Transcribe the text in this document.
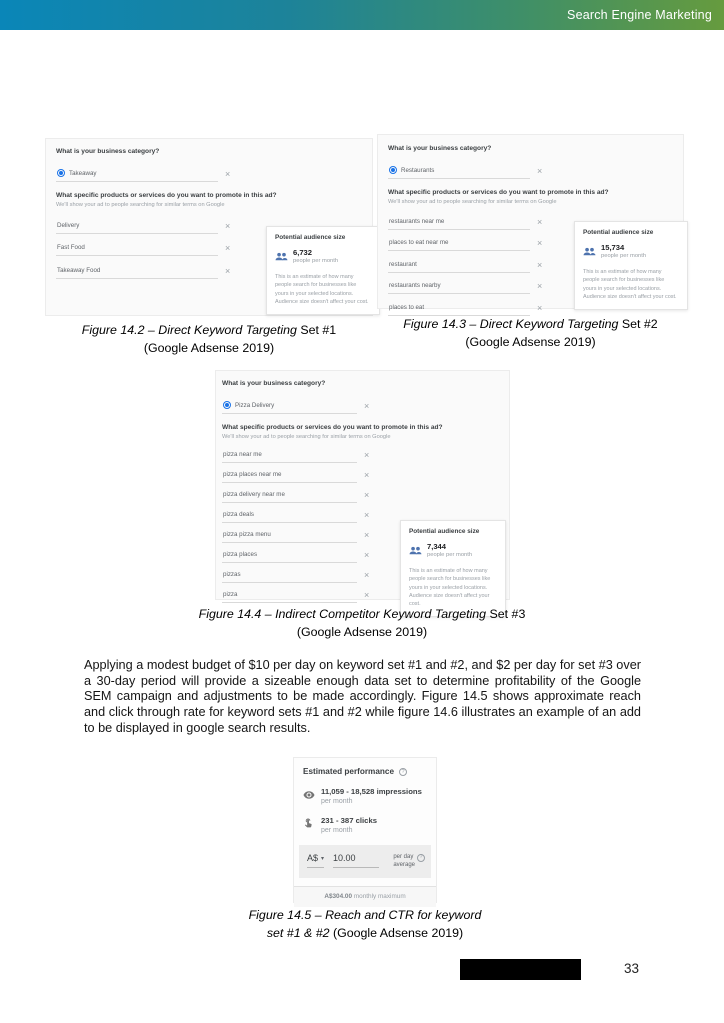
Search Engine Marketing
What is your business category?
Takeaway	×
What specific products or services do you want to promote in this ad?
We'll show your ad to people searching for similar terms on Google
Delivery	×
Fast Food	×
Takeaway Food	×
Potential audience size
6,732
people per month
This is an estimate of how many people search for businesses like yours in your selected locations. Audience size doesn't affect your cost.
What is your business category?
Restaurants	×
What specific products or services do you want to promote in this ad?
We'll show your ad to people searching for similar terms on Google
restaurants near me	×
places to eat near me	×
restaurant	×
restaurants nearby	×
places to eat	×
Potential audience size
15,734
people per month
This is an estimate of how many people search for businesses like yours in your selected locations. Audience size doesn't affect your cost.
Figure 14.2 – Direct Keyword Targeting Set #1
(Google Adsense 2019)
Figure 14.3 – Direct Keyword Targeting Set #2
(Google Adsense 2019)
What is your business category?
Pizza Delivery	×
What specific products or services do you want to promote in this ad?
We'll show your ad to people searching for similar terms on Google
pizza near me	×
pizza places near me	×
pizza delivery near me	×
pizza deals	×
pizza pizza menu	×
pizza places	×
pizzas	×
pizza	×
Potential audience size
7,344
people per month
This is an estimate of how many people search for businesses like yours in your selected locations. Audience size doesn't affect your cost.
Figure 14.4 – Indirect Competitor Keyword Targeting Set #3
(Google Adsense 2019)
Applying a modest budget of $10 per day on keyword set #1 and #2, and $2 per day for set #3 over a 30-day period will provide a sizeable enough data set to determine profitability of the Google SEM campaign and adjustments to be made accordingly. Figure 14.5 shows approximate reach and click through rate for keyword sets #1 and #2 while figure 14.6 illustrates an example of an add to be displayed in google search results.
Estimated performance	?
11,059 - 18,528 impressions
per month
231 - 387 clicks
per month
A$ ▾ 10.00	per day
average
?
A$304.00 monthly maximum
Figure 14.5 – Reach and CTR for keyword
set #1 & #2 (Google Adsense 2019)
33
